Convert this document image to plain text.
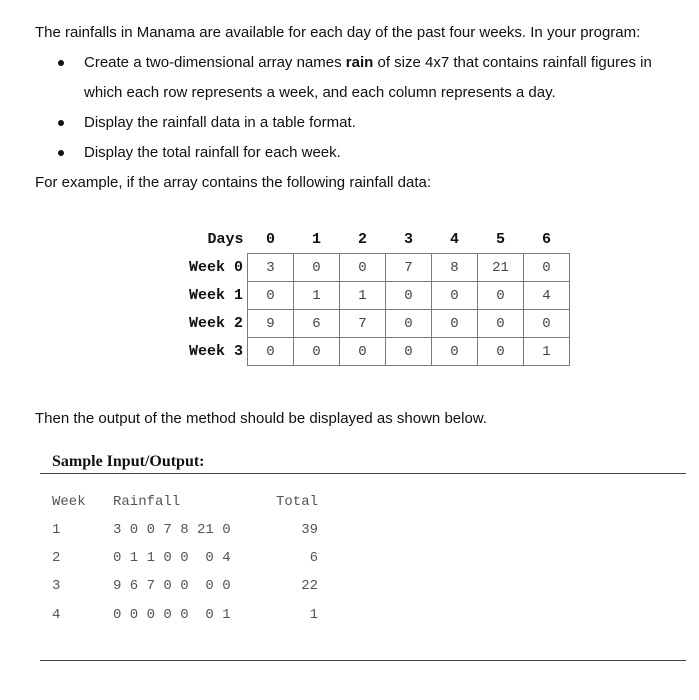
The rainfalls in Manama are available for each day of the past four weeks. In your program:
Create a two-dimensional array names rain of size 4x7 that contains rainfall figures in which each row represents a week, and each column represents a day.
Display the rainfall data in a table format.
Display the total rainfall for each week.
For example, if the array contains the following rainfall data:
Days	0	1	2	3	4	5	6
Week 0	3	0	0	7	8	21	0
Week 1	0	1	1	0	0	0	4
Week 2	9	6	7	0	0	0	0
Week 3	0	0	0	0	0	0	1
Then the output of the method should be displayed as shown below.
Sample Input/Output:
Week Rainfall	Total
1	3 0 0 7 8 21 0	39
2	0 1 1 0 0  0 4	6
3	9 6 7 0 0  0 0	22
4	0 0 0 0 0  0 1	1
